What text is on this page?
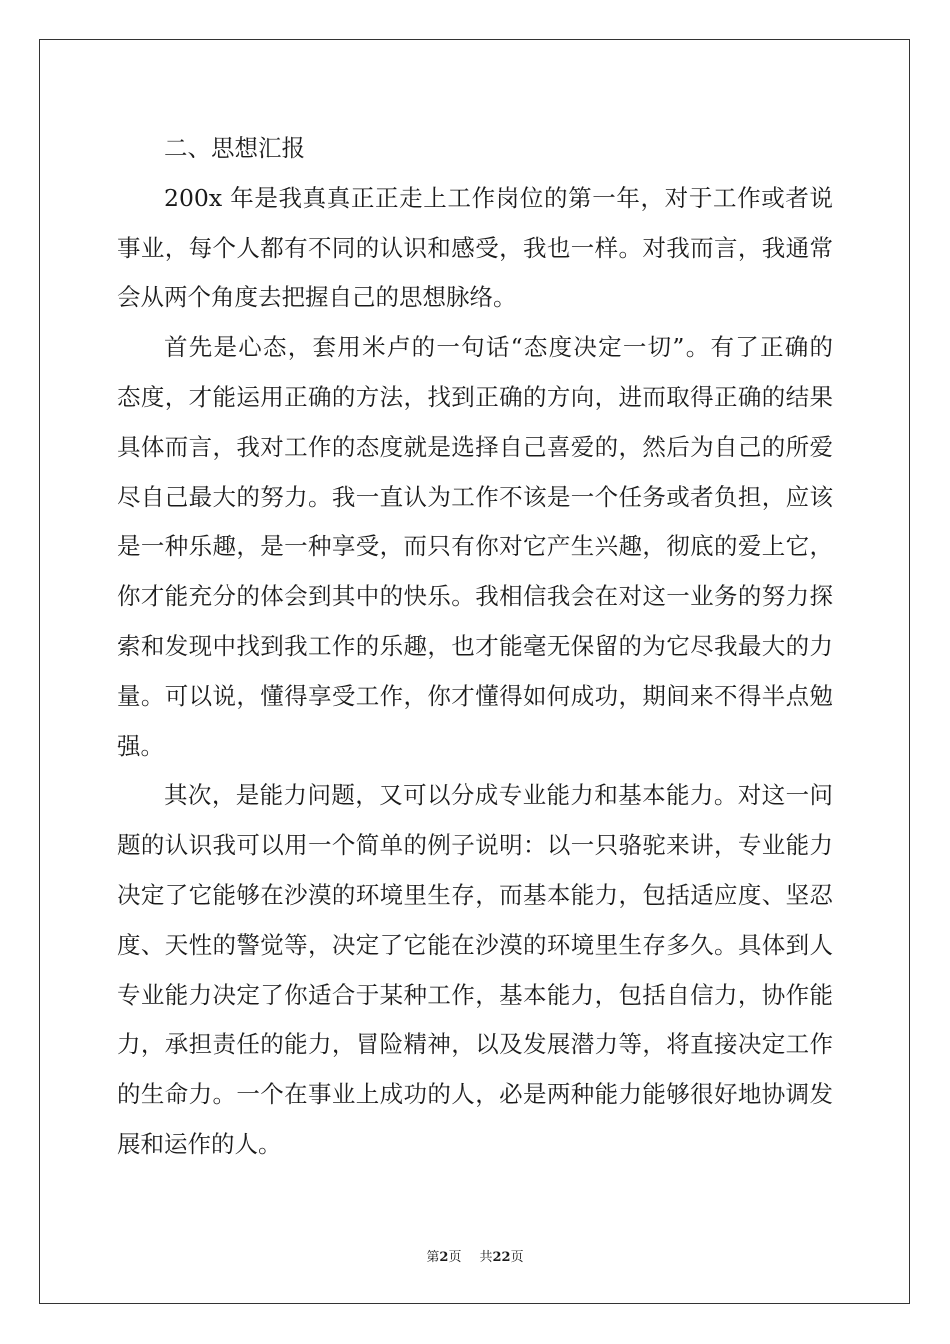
二、思想汇报
200x 年是我真真正正走上工作岗位的第一年，对于工作或者说
事业，每个人都有不同的认识和感受，我也一样。对我而言，我通常
会从两个角度去把握自己的思想脉络。
首先是心态，套用米卢的一句话“态度决定一切”。有了正确的
态度，才能运用正确的方法，找到正确的方向，进而取得正确的结果
具体而言，我对工作的态度就是选择自己喜爱的，然后为自己的所爱
尽自己最大的努力。我一直认为工作不该是一个任务或者负担，应该
是一种乐趣，是一种享受，而只有你对它产生兴趣，彻底的爱上它，
你才能充分的体会到其中的快乐。我相信我会在对这一业务的努力探
索和发现中找到我工作的乐趣，也才能毫无保留的为它尽我最大的力
量。可以说，懂得享受工作，你才懂得如何成功，期间来不得半点勉
强。
其次，是能力问题，又可以分成专业能力和基本能力。对这一问
题的认识我可以用一个简单的例子说明：以一只骆驼来讲，专业能力
决定了它能够在沙漠的环境里生存，而基本能力，包括适应度、坚忍
度、天性的警觉等，决定了它能在沙漠的环境里生存多久。具体到人
专业能力决定了你适合于某种工作，基本能力，包括自信力，协作能
力，承担责任的能力，冒险精神，以及发展潜力等，将直接决定工作
的生命力。一个在事业上成功的人，必是两种能力能够很好地协调发
展和运作的人。
第2页 共22页
